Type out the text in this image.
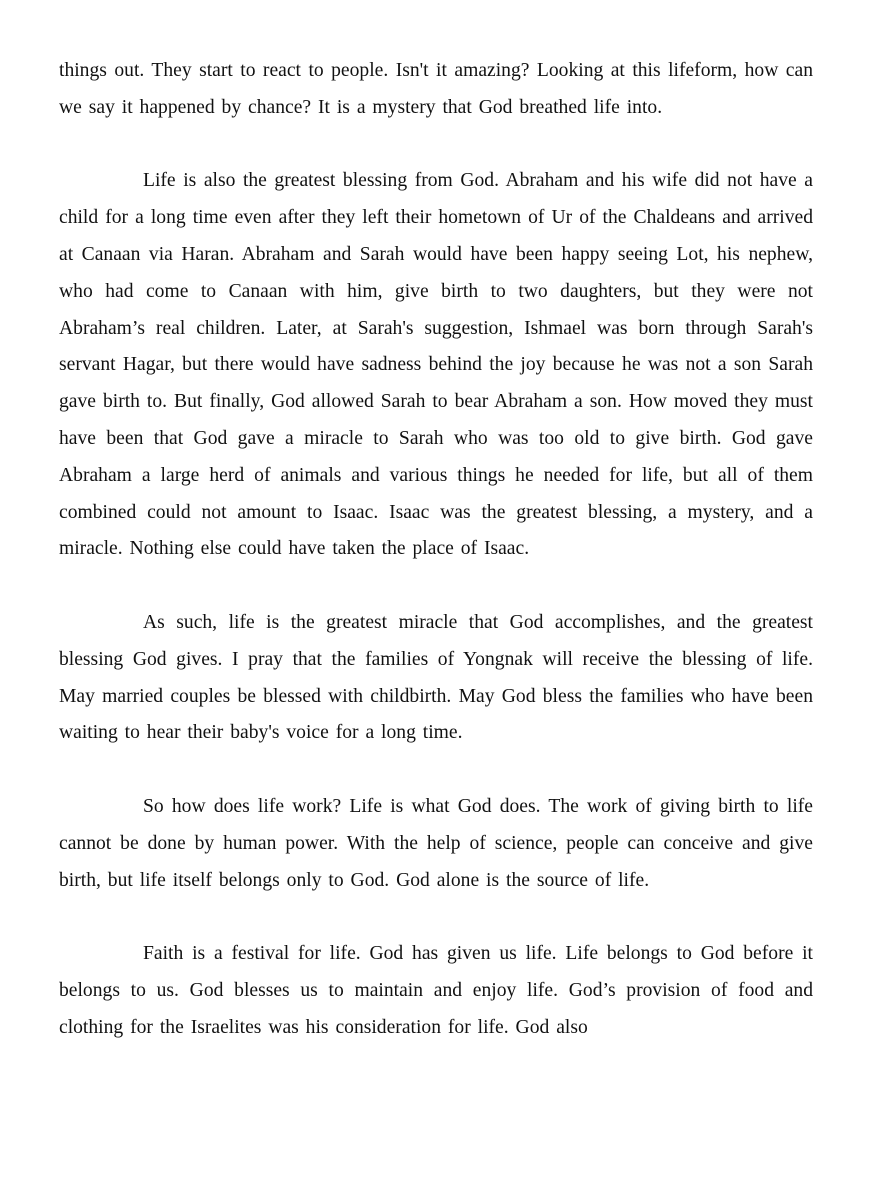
things out. They start to react to people. Isn't it amazing? Looking at this lifeform, how can we say it happened by chance? It is a mystery that God breathed life into.

Life is also the greatest blessing from God. Abraham and his wife did not have a child for a long time even after they left their hometown of Ur of the Chaldeans and arrived at Canaan via Haran. Abraham and Sarah would have been happy seeing Lot, his nephew, who had come to Canaan with him, give birth to two daughters, but they were not Abraham’s real children. Later, at Sarah's suggestion, Ishmael was born through Sarah's servant Hagar, but there would have sadness behind the joy because he was not a son Sarah gave birth to. But finally, God allowed Sarah to bear Abraham a son. How moved they must have been that God gave a miracle to Sarah who was too old to give birth. God gave Abraham a large herd of animals and various things he needed for life, but all of them combined could not amount to Isaac. Isaac was the greatest blessing, a mystery, and a miracle. Nothing else could have taken the place of Isaac.

As such, life is the greatest miracle that God accomplishes, and the greatest blessing God gives. I pray that the families of Yongnak will receive the blessing of life. May married couples be blessed with childbirth. May God bless the families who have been waiting to hear their baby's voice for a long time.

So how does life work? Life is what God does. The work of giving birth to life cannot be done by human power. With the help of science, people can conceive and give birth, but life itself belongs only to God. God alone is the source of life.

Faith is a festival for life. God has given us life. Life belongs to God before it belongs to us. God blesses us to maintain and enjoy life. God’s provision of food and clothing for the Israelites was his consideration for life. God also
